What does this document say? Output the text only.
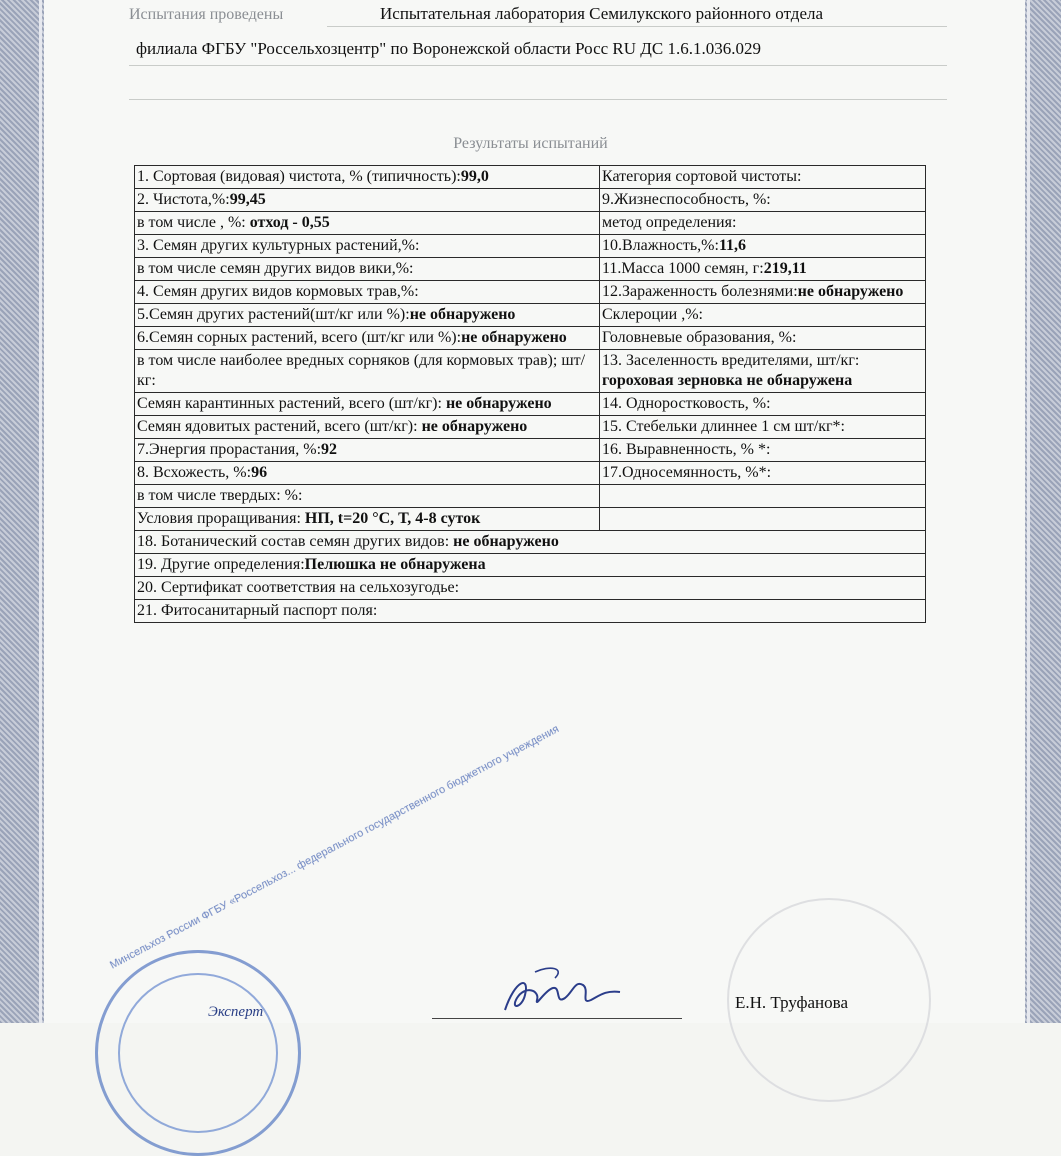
Испытания проведены	Испытательная лаборатория Семилукского районного отдела
филиала ФГБУ "Россельхозцентр" по Воронежской области Росс RU ДС 1.6.1.036.029
Результаты испытаний
1. Сортовая (видовая) чистота, % (типичность):99,0	Категория сортовой чистоты:
2. Чистота,%:99,45	9.Жизнеспособность, %:
в том числе , %: отход - 0,55	метод определения:
3. Семян других культурных растений,%:	10.Влажность,%:11,6
в том числе семян других видов вики,%:	11.Масса 1000 семян, г:219,11
4. Семян других видов кормовых трав,%:	12.Зараженность болезнями:не обнаружено
5.Семян других растений(шт/кг или %):не обнаружено	Склероции ,%:
6.Семян сорных растений, всего (шт/кг или %):не обнаружено	Головневые образования, %:
в том числе наиболее вредных сорняков (для кормовых трав); шт/кг:	13. Заселенность вредителями, шт/кг: гороховая зерновка не обнаружена
Семян карантинных растений, всего (шт/кг): не обнаружено	14. Одноростковость, %:
Семян ядовитых растений, всего (шт/кг): не обнаружено	15. Стебельки длиннее 1 см шт/кг*:
7.Энергия прорастания, %:92	16. Выравненность, % *:
8. Всхожесть, %:96	17.Односемянность, %*:
в том числе твердых: %:	
Условия проращивания: НП, t=20 °С, Т, 4-8 суток	
18. Ботанический состав семян других видов: не обнаружено	
19. Другие определения:Пелюшка не обнаружена	
20. Сертификат соответствия на сельхозугодье:	
21. Фитосанитарный паспорт поля:	
Минсельхоз России ФГБУ «Россельхоз... федерального государственного бюджетного учреждения
Эксперт	Е.Н. Труфанова
